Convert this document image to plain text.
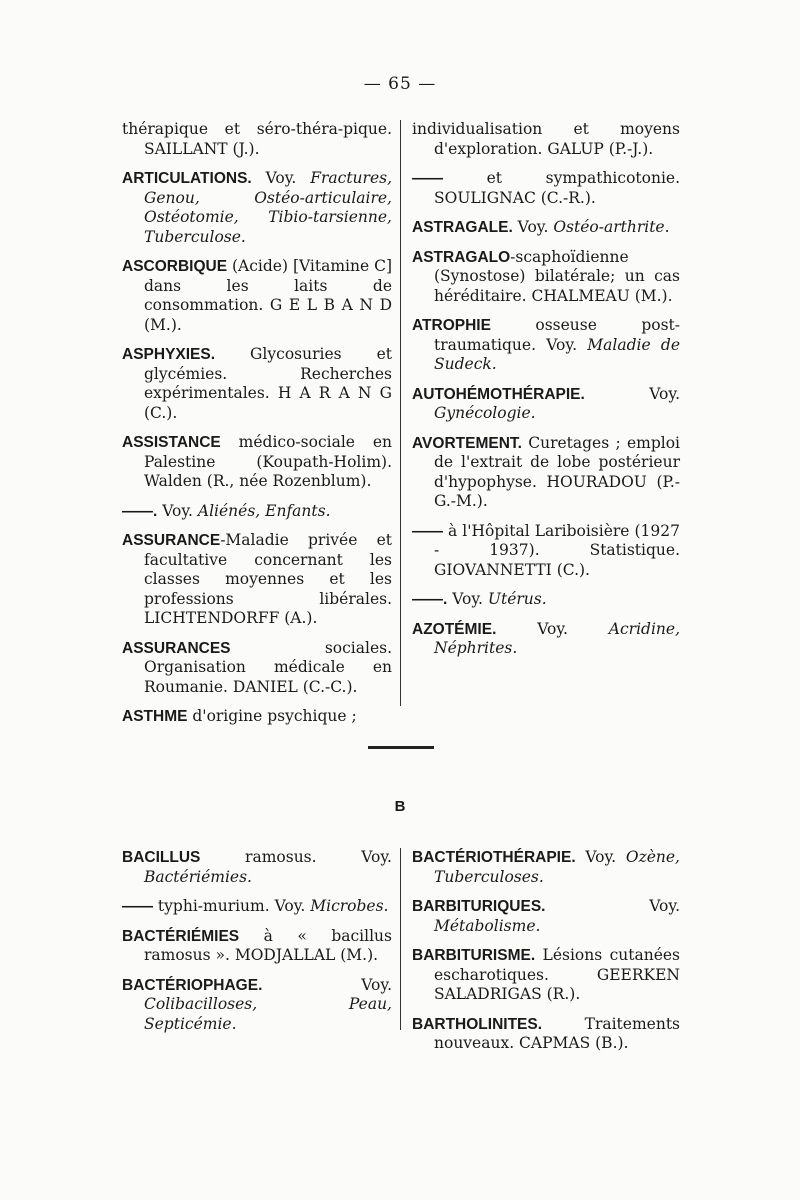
— 65 —

thérapique et séro-théra-pique. SAILLANT (J.).

ARTICULATIONS. Voy. Fractures, Genou, Ostéo-articulaire, Ostéotomie, Tibio-tarsienne, Tuberculose.

ASCORBIQUE (Acide) [Vitamine C] dans les laits de consommation. G E L B A N D (M.).

ASPHYXIES. Glycosuries et glycémies. Recherches expérimentales. H A R A N G (C.).

ASSISTANCE médico-sociale en Palestine (Koupath-Holim). Walden (R., née Rozenblum).

——. Voy. Aliénés, Enfants.

ASSURANCE-Maladie privée et facultative concernant les classes moyennes et les professions libérales. LICHTENDORFF (A.).

ASSURANCES sociales. Organisation médicale en Roumanie. DANIEL (C.-C.).

ASTHME d'origine psychique ;

individualisation et moyens d'exploration. GALUP (P.-J.).

—— et sympathicotonie. SOULIGNAC (C.-R.).

ASTRAGALE. Voy. Ostéo-arthrite.

ASTRAGALO-scaphoïdienne (Synostose) bilatérale; un cas héréditaire. CHALMEAU (M.).

ATROPHIE osseuse post-traumatique. Voy. Maladie de Sudeck.

AUTOHÉMOTHÉRAPIE. Voy. Gynécologie.

AVORTEMENT. Curetages ; emploi de l'extrait de lobe postérieur d'hypophyse. HOURADOU (P.-G.-M.).

—— à l'Hôpital Lariboisière (1927 - 1937). Statistique. GIOVANNETTI (C.).

——. Voy. Utérus.

AZOTÉMIE. Voy. Acridine, Néphrites.

B

BACILLUS ramosus. Voy. Bactériémies.

—— typhi-murium. Voy. Microbes.

BACTÉRIÉMIES à « bacillus ramosus ». MODJALLAL (M.).

BACTÉRIOPHAGE. Voy. Colibacilloses, Peau, Septicémie.

BACTÉRIOTHÉRAPIE. Voy. Ozène, Tuberculoses.

BARBITURIQUES. Voy. Métabolisme.

BARBITURISME. Lésions cutanées escharotiques. GEERKEN SALADRIGAS (R.).

BARTHOLINITES. Traitements nouveaux. CAPMAS (B.).
